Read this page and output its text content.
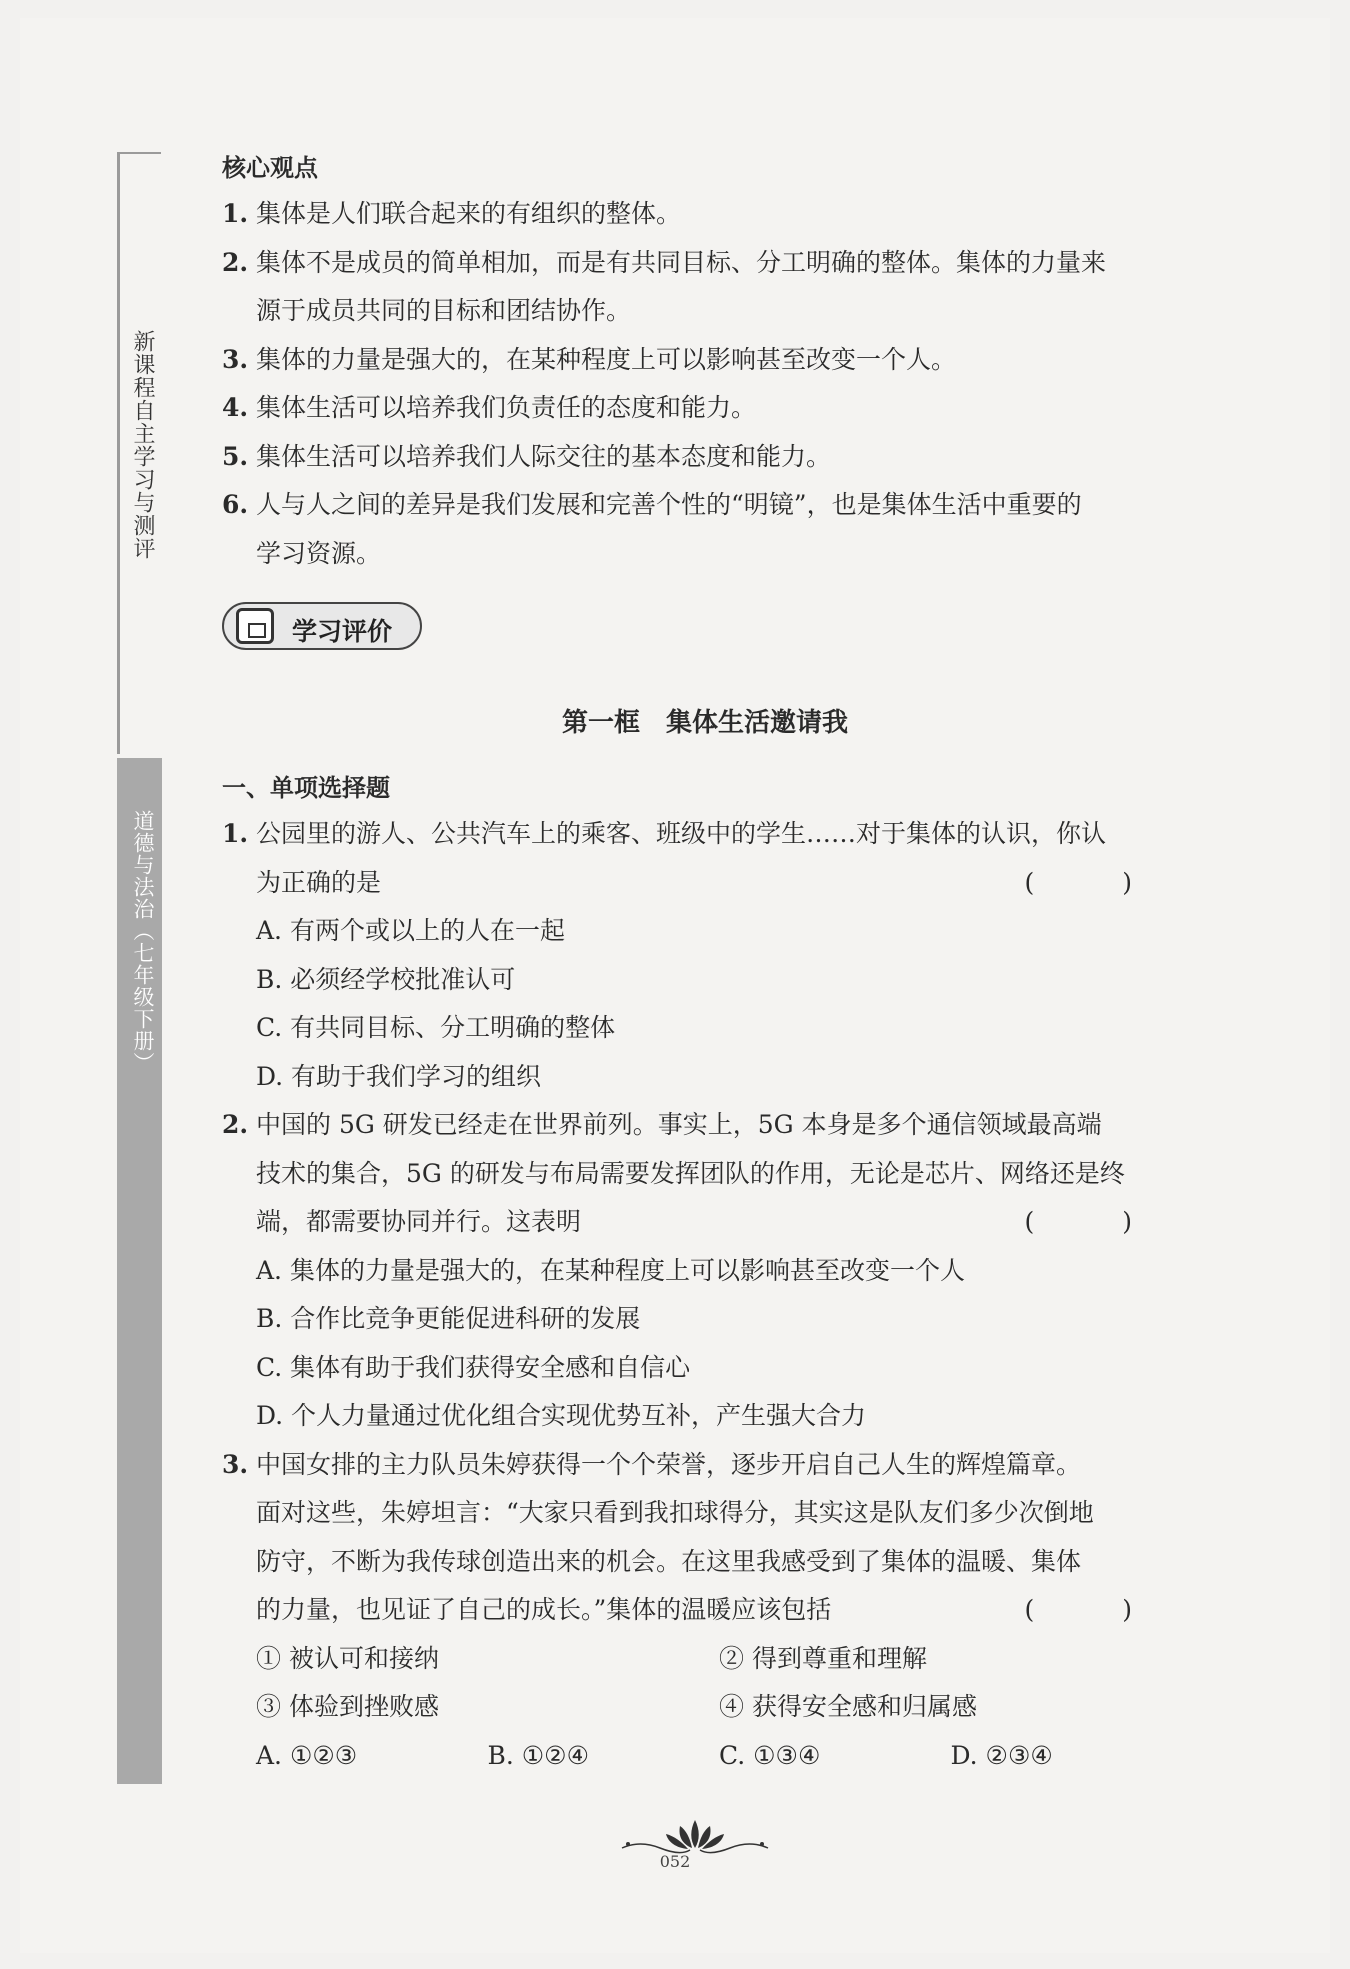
新课程自主学习与测评
道德与法治（七年级下册）
核心观点
1. 集体是人们联合起来的有组织的整体。
2. 集体不是成员的简单相加，而是有共同目标、分工明确的整体。集体的力量来
源于成员共同的目标和团结协作。
3. 集体的力量是强大的，在某种程度上可以影响甚至改变一个人。
4. 集体生活可以培养我们负责任的态度和能力。
5. 集体生活可以培养我们人际交往的基本态度和能力。
6. 人与人之间的差异是我们发展和完善个性的“明镜”，也是集体生活中重要的
学习资源。
学习评价
第一框　集体生活邀请我
一、单项选择题
1. 公园里的游人、公共汽车上的乘客、班级中的学生……对于集体的认识，你认
为正确的是	( )
A. 有两个或以上的人在一起
B. 必须经学校批准认可
C. 有共同目标、分工明确的整体
D. 有助于我们学习的组织
2. 中国的 5G 研发已经走在世界前列。事实上，5G 本身是多个通信领域最高端
技术的集合，5G 的研发与布局需要发挥团队的作用，无论是芯片、网络还是终
端，都需要协同并行。这表明	( )
A. 集体的力量是强大的，在某种程度上可以影响甚至改变一个人
B. 合作比竞争更能促进科研的发展
C. 集体有助于我们获得安全感和自信心
D. 个人力量通过优化组合实现优势互补，产生强大合力
3. 中国女排的主力队员朱婷获得一个个荣誉，逐步开启自己人生的辉煌篇章。
面对这些，朱婷坦言：“大家只看到我扣球得分，其实这是队友们多少次倒地
防守，不断为我传球创造出来的机会。在这里我感受到了集体的温暖、集体
的力量，也见证了自己的成长。”集体的温暖应该包括	( )
① 被认可和接纳	② 得到尊重和理解
③ 体验到挫败感	④ 获得安全感和归属感
A. ①②③	B. ①②④	C. ①③④	D. ②③④
052
